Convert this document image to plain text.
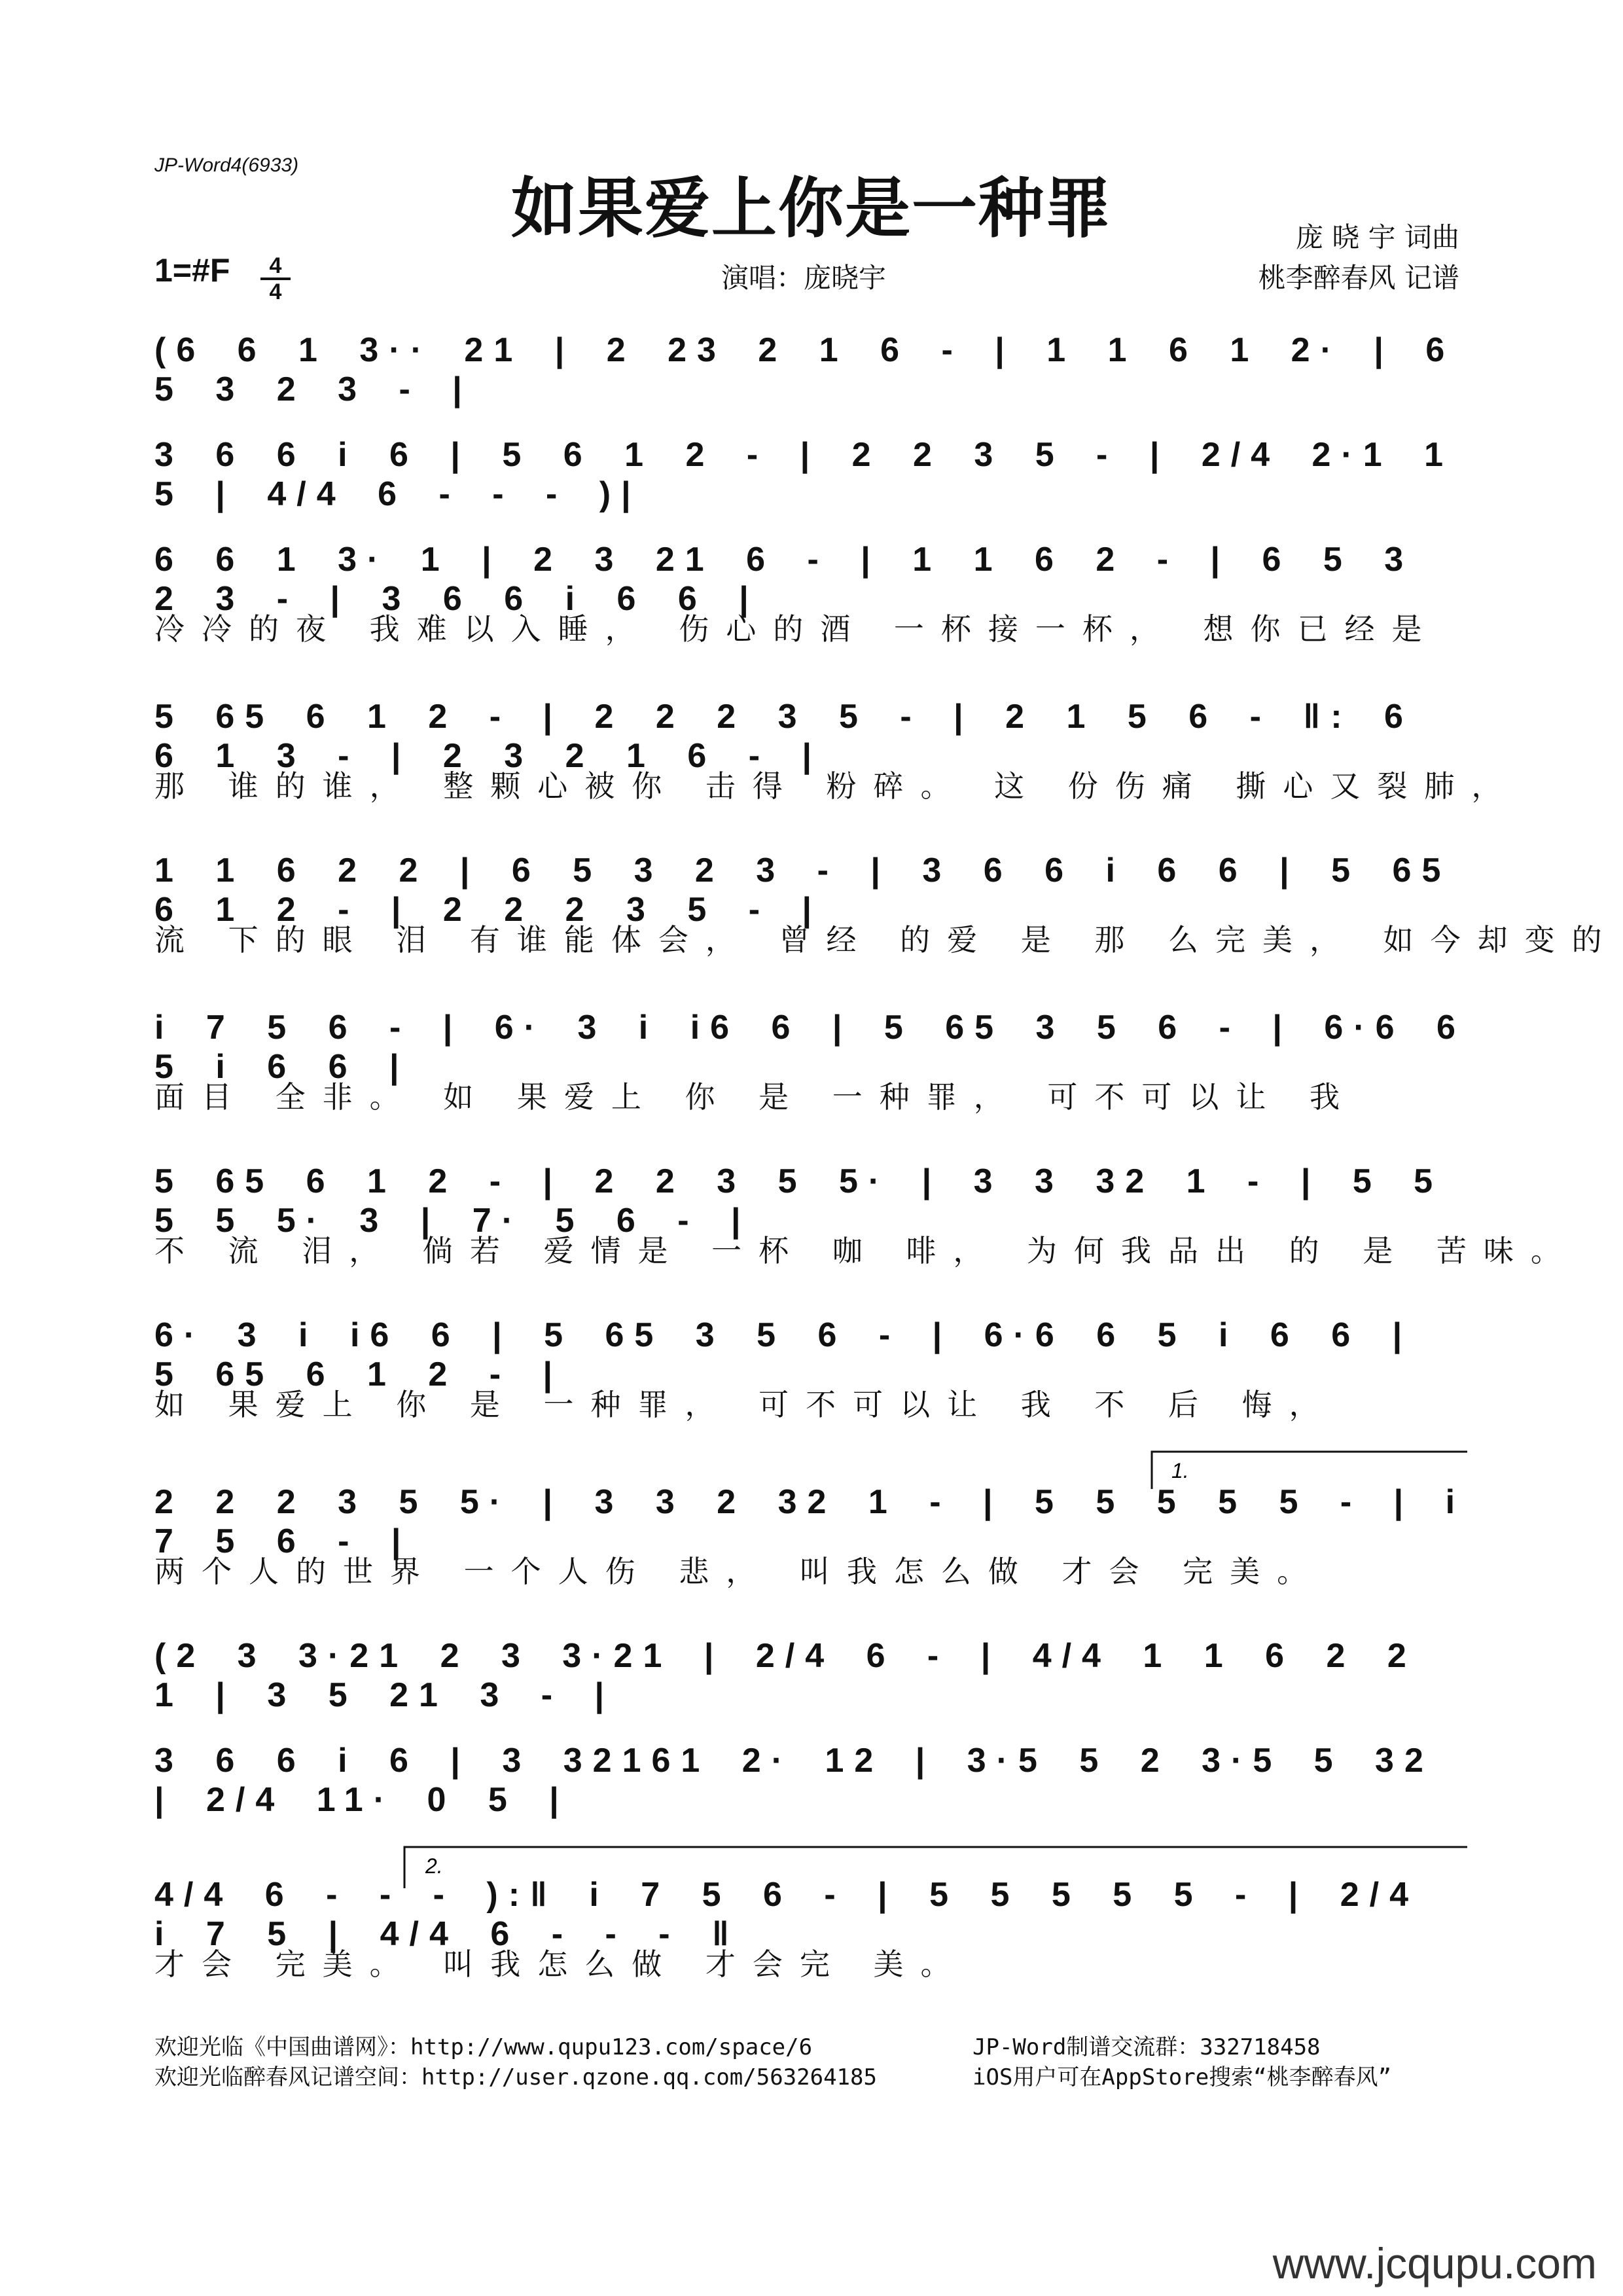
JP-Word4(6933)
如果爱上你是一种罪	庞 晓 宇 词曲
桃李醉春风 记谱
演唱：庞晓宇
1=#F	4
4
(6 6 1 3·· 21 | 2 23 2 1 6 - | 1 1 6 1 2· | 6 5 3 2 3 - |
3 6 6 i 6 | 5 6 1 2 - | 2 2 3 5 - | 2/4 2·1 1 5 | 4/4 6 - - - )|
6 6 1 3· 1 | 2 3 21 6 - | 1 1 6 2 - | 6 5 3 2 3 - | 3 6 6 i 6 6 |
冷冷的夜 我难以入睡， 伤心的酒 一杯接一杯， 想你已经是
5 65 6 1 2 - | 2 2 2 3 5 - | 2 1 5 6 - ‖: 6 6 1 3 - | 2 3 2 1 6 - |
那 谁的谁， 整颗心被你 击得 粉碎。 这 份伤痛 撕心又裂肺，
1 1 6 2 2 | 6 5 3 2 3 - | 3 6 6 i 6 6 | 5 65 6 1 2 - | 2 2 2 3 5 - |
流 下的眼 泪 有谁能体会， 曾经 的爱 是 那 么完美， 如今却变的
i 7 5 6 - | 6· 3 i i6 6 | 5 65 3 5 6 - | 6·6 6 5 i 6 6 |
面目 全非。 如 果爱上 你 是 一种罪， 可不可以让 我
5 65 6 1 2 - | 2 2 3 5 5· | 3 3 32 1 - | 5 5 5 5 5· 3 | 7· 5 6 - |
不 流 泪， 倘若 爱情是 一杯 咖 啡， 为何我品出 的 是 苦味。
6· 3 i i6 6 | 5 65 3 5 6 - | 6·6 6 5 i 6 6 | 5 65 6 1 2 - |
如 果爱上 你 是 一种罪， 可不可以让 我 不 后 悔，
2 2 2 3 5 5· | 3 3 2 32 1 - | 5 5 5 5 5 - | i 7 5 6 - |
两个人的世界 一个人伤 悲， 叫我怎么做 才会 完美。
(2 3 3·21 2 3 3·21 | 2/4 6 - | 4/4 1 1 6 2 2 1 | 3 5 21 3 - |
3 6 6 i 6 | 3 32161 2· 12 | 3·5 5 2 3·5 5 32 | 2/4 11· 0 5 |
4/4 6 - - - ):‖ i 7 5 6 - | 5 5 5 5 5 - | 2/4 i 7 5 | 4/4 6 - - - ‖
才会 完美。 叫我怎么做 才会完 美。
1.
2.
欢迎光临《中国曲谱网》：http://www.qupu123.com/space/6
欢迎光临醉春风记谱空间：http://user.qzone.qq.com/563264185
JP-Word制谱交流群：332718458
iOS用户可在AppStore搜索“桃李醉春风”
www.jcqupu.com
